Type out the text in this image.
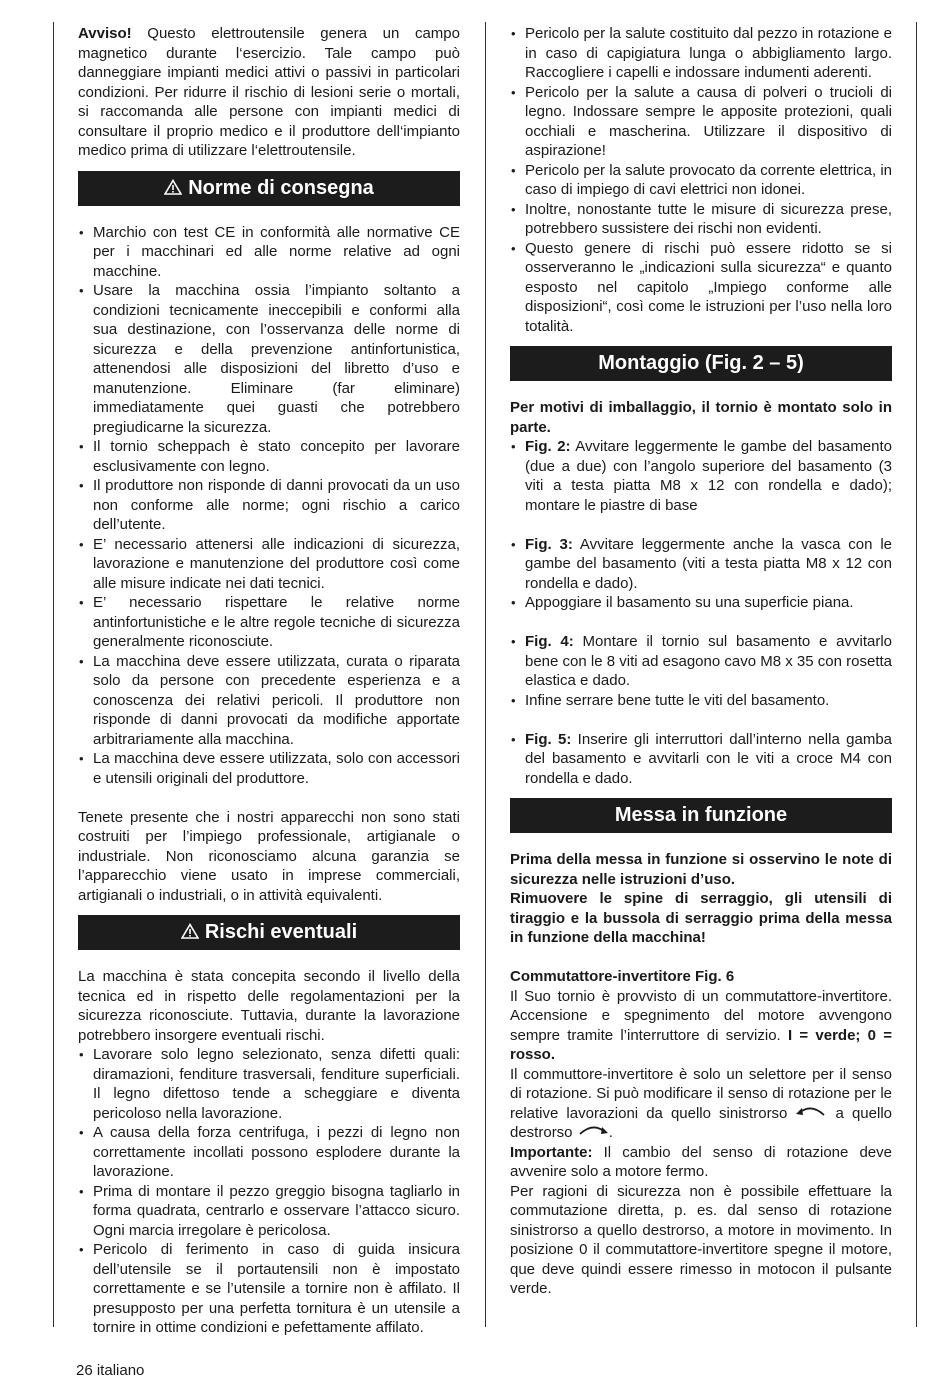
Avviso! Questo elettroutensile genera un campo magnetico durante l‘esercizio. Tale campo può danneggiare impianti medici attivi o passivi in particolari condizioni. Per ridurre il rischio di lesioni serie o mortali, si raccomanda alle persone con impianti medici di consultare il proprio medico e il produttore dell‘impianto medico prima di utilizzare l‘elettroutensile.

Norme di consegna
• Marchio con test CE in conformità alle normative CE per i macchinari ed alle norme relative ad ogni macchine.
• Usare la macchina ossia l’impianto soltanto a condizioni tecnicamente ineccepibili e conformi alla sua destinazione, con l’osservanza delle norme di sicurezza e della prevenzione antinfortunistica, attenendosi alle disposizioni del libretto d’uso e manutenzione. Eliminare (far eliminare) immediatamente quei guasti che potrebbero pregiudicarne la sicurezza.
• Il tornio scheppach è stato concepito per lavorare esclusivamente con legno.
• Il produttore non risponde di danni provocati da un uso non conforme alle norme; ogni rischio a carico dell’utente.
• E’ necessario attenersi alle indicazioni di sicurezza, lavorazione e manutenzione del produttore così come alle misure indicate nei dati tecnici.
• E’ necessario rispettare le relative norme antinfortunistiche e le altre regole tecniche di sicurezza generalmente riconosciute.
• La macchina deve essere utilizzata, curata o riparata solo da persone con precedente esperienza e a conoscenza dei relativi pericoli. Il produttore non risponde di danni provocati da modifiche apportate arbitrariamente alla macchina.
• La macchina deve essere utilizzata, solo con accessori e utensili originali del produttore.

Tenete presente che i nostri apparecchi non sono stati costruiti per l’impiego professionale, artigianale o industriale. Non riconosciamo alcuna garanzia se l’apparecchio viene usato in imprese commerciali, artigianali o industriali, o in attività equivalenti.

Rischi eventuali

La macchina è stata concepita secondo il livello della tecnica ed in rispetto delle regolamentazioni per la sicurezza riconosciute. Tuttavia, durante la lavorazione potrebbero insorgere eventuali rischi.

• Lavorare solo legno selezionato, senza difetti quali: diramazioni, fenditure trasversali, fenditure superficiali. Il legno difettoso tende a scheggiare e diventa pericoloso nella lavorazione.
• A causa della forza centrifuga, i pezzi di legno non correttamente incollati possono esplodere durante la lavorazione.
• Prima di montare il pezzo greggio bisogna tagliarlo in forma quadrata, centrarlo e osservare l’attacco sicuro. Ogni marcia irregolare è pericolosa.
• Pericolo di ferimento in caso di guida insicura dell’utensile se il portautensili non è impostato correttamente e se l’utensile a tornire non è affilato. Il presupposto per una perfetta tornitura è un utensile a tornire in ottime condizioni e pefettamente affilato.
• Pericolo per la salute costituito dal pezzo in rotazione e in caso di capigiatura lunga o abbigliamento largo. Raccogliere i capelli e indossare indumenti aderenti.
• Pericolo per la salute a causa di polveri o trucioli di legno. Indossare sempre le apposite protezioni, quali occhiali e mascherina. Utilizzare il dispositivo di aspirazione!
• Pericolo per la salute provocato da corrente elettrica, in caso di impiego di cavi elettrici non idonei.
• Inoltre, nonostante tutte le misure di sicurezza prese, potrebbero sussistere dei rischi non evidenti.
• Questo genere di rischi può essere ridotto se si osserveranno le „indicazioni sulla sicurezza“ e quanto esposto nel capitolo „Impiego conforme alle disposizioni“, così come le istruzioni per l’uso nella loro totalità.
Montaggio (Fig. 2 – 5)

Per motivi di imballaggio, il tornio è montato solo in parte.

• Fig. 2: Avvitare leggermente le gambe del basamento (due a due) con l’angolo superiore del basamento (3 viti a testa piatta M8 x 12 con rondella e dado); montare le piastre di base
• Fig. 3: Avvitare leggermente anche la vasca con le gambe del basamento (viti a testa piatta M8 x 12 con rondella e dado).
• Appoggiare il basamento su una superficie piana.
• Fig. 4: Montare il tornio sul basamento e avvitarlo bene con le 8 viti ad esagono cavo M8 x 35 con rosetta elastica e dado.
• Infine serrare bene tutte le viti del basamento.
• Fig. 5: Inserire gli interruttori dall’interno nella gamba del basamento e avvitarli con le viti a croce M4 con rondella e dado.
Messa in funzione

Prima della messa in funzione si osservino le note di sicurezza nelle istruzioni d’uso.

Rimuovere le spine di serraggio, gli utensili di tiraggio e la bussola di serraggio prima della messa in funzione della macchina!

Commutattore-invertitore Fig. 6

Il Suo tornio è provvisto di un commutattore-invertitore. Accensione e spegnimento del motore avvengono sempre tramite l’interruttore di servizio. I = verde; 0 = rosso.

Il commuttore-invertitore è solo un selettore per il senso di rotazione. Si può modificare il senso di rotazione per le relative lavorazioni da quello sinistrorso  a quello destrorso .

Importante: Il cambio del senso di rotazione deve avvenire solo a motore fermo.

Per ragioni di sicurezza non è possibile effettuare la commutazione diretta, p. es. dal senso di rotazione sinistrorso a quello destrorso, a motore in movimento. In posizione 0 il commutattore-invertitore spegne il motore, que deve quindi essere rimesso in motocon il pulsante verde.

26 italiano
